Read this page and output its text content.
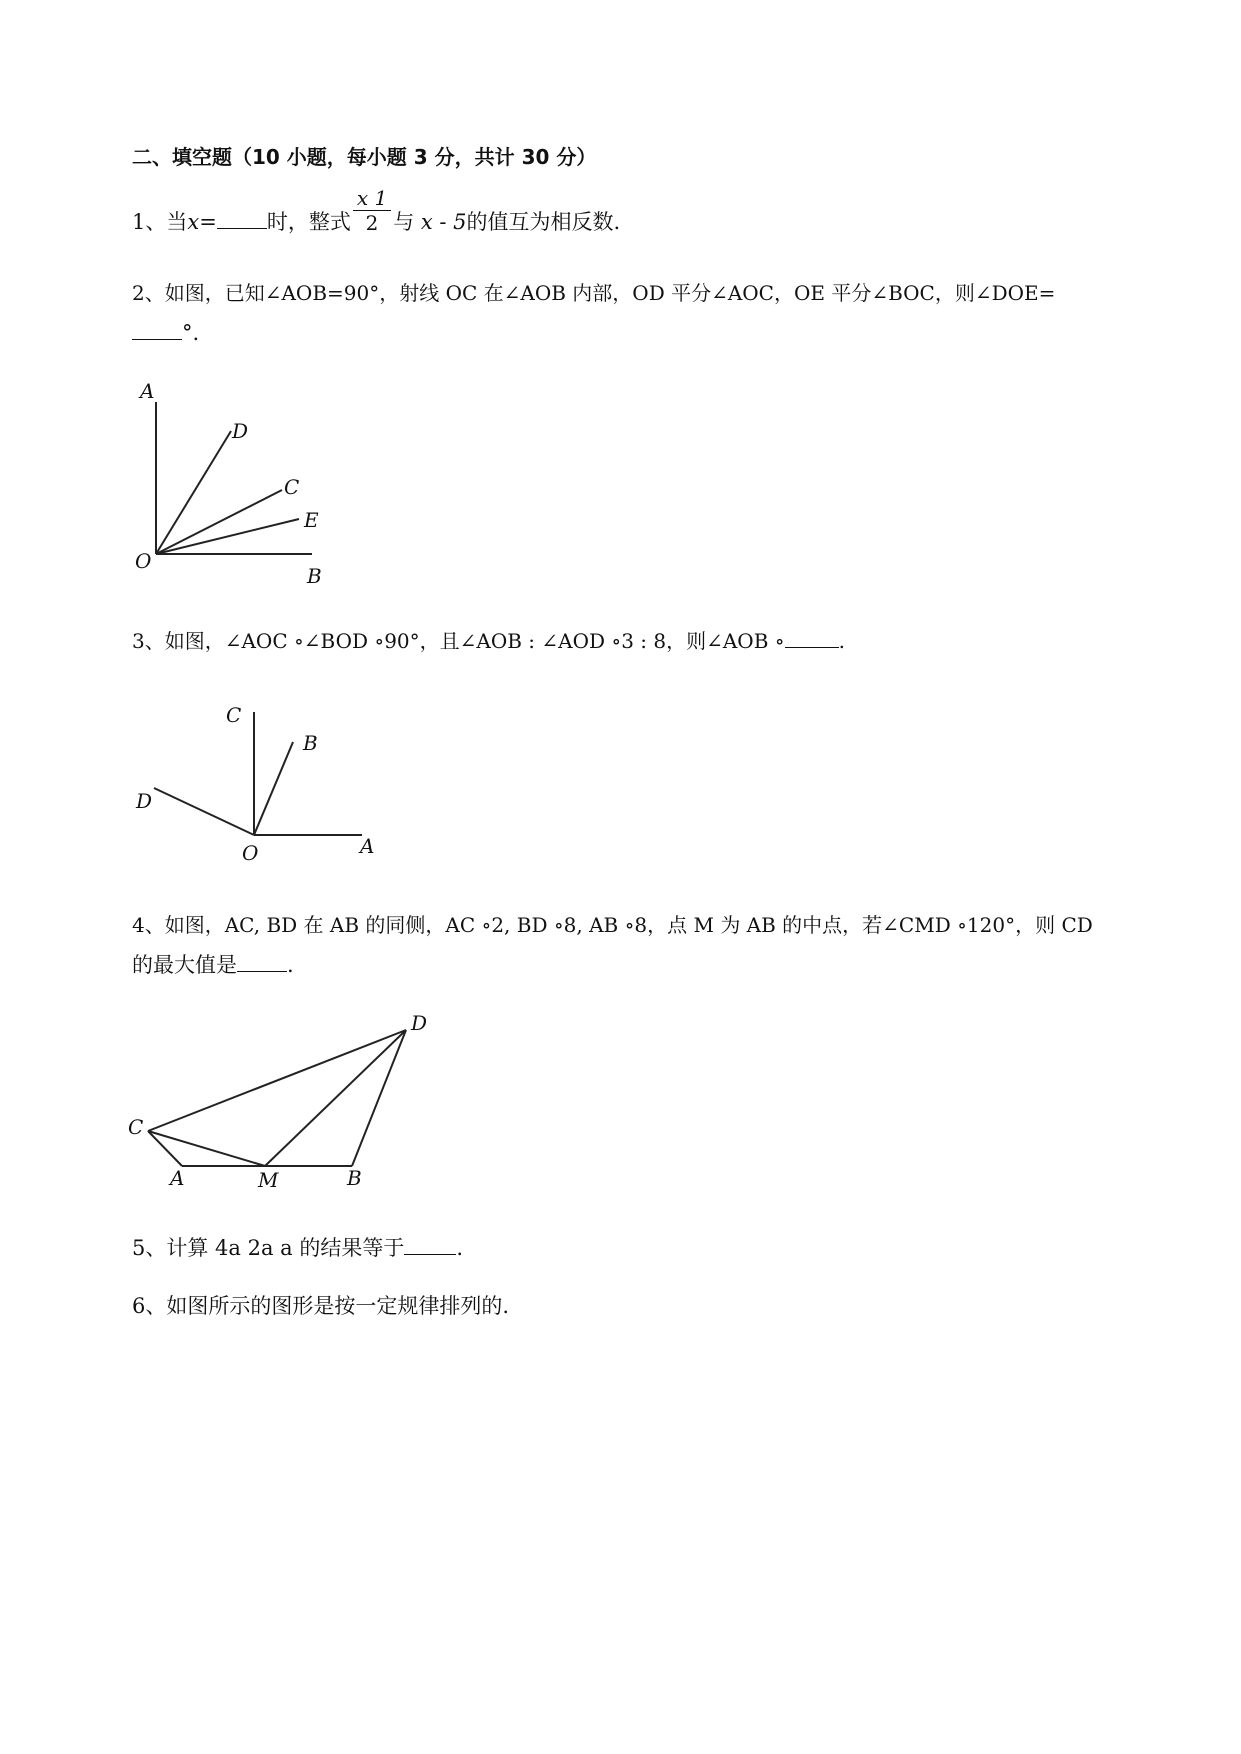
二、填空题（10 小题，每小题 3 分，共计 30 分）
1、当x= 时，整式 $\frac{x 1}{2}$ 与 x - 5的值互为相反数.
2、如图，已知∠AOB=90°，射线 OC 在∠AOB 内部，OD 平分∠AOC，OE 平分∠BOC，则∠DOE=
°.
A
D
C
E
O
B
3、如图，∠AOC ∘∠BOD ∘90°，且∠AOB : ∠AOD ∘3 : 8，则∠AOB ∘	.
C
B
D
O	A
4、如图，AC, BD 在 AB 的同侧，AC ∘2, BD ∘8, AB ∘8，点 M 为 AB 的中点，若∠CMD ∘120°，则 CD
的最大值是 .
D
C
A	M	B
5、计算 4a 2a a 的结果等于 .
6、如图所示的图形是按一定规律排列的.
